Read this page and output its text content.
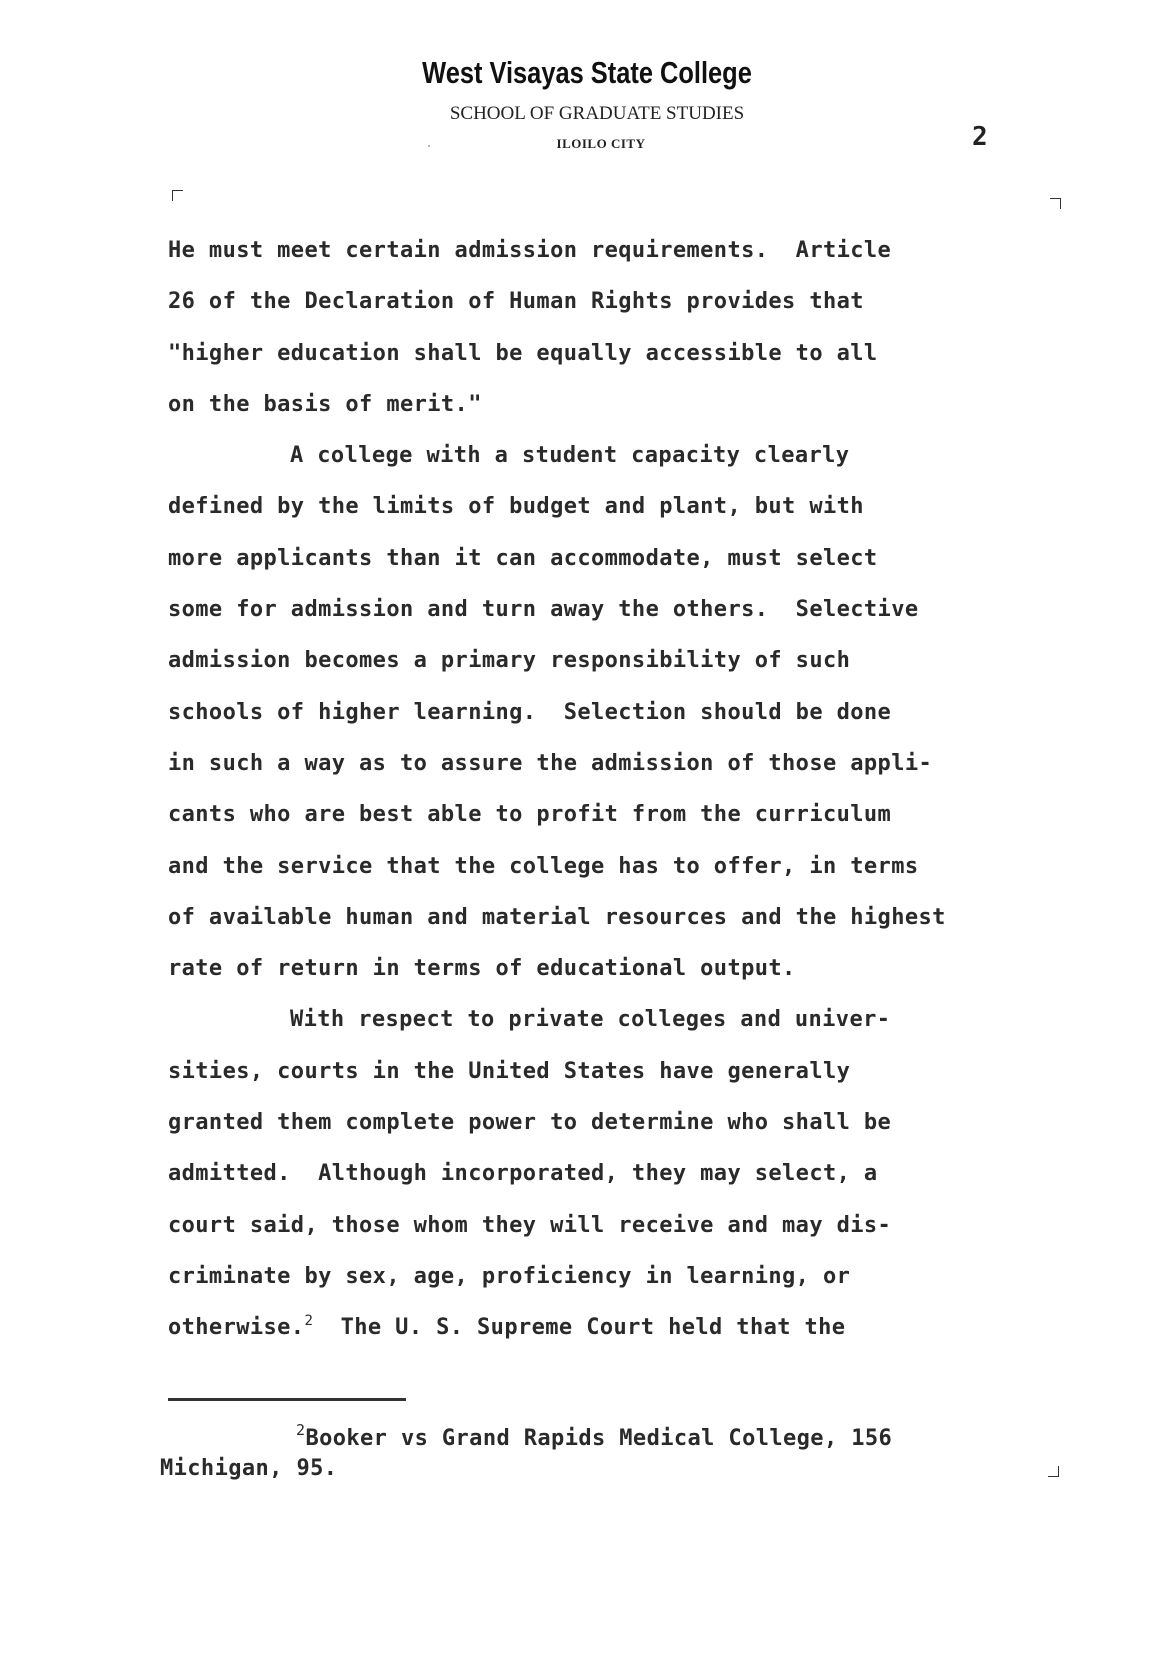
West Visayas State College
SCHOOL OF GRADUATE STUDIES
ILOILO CITY	2
He must meet certain admission requirements.  Article
26 of the Declaration of Human Rights provides that
"higher education shall be equally accessible to all
on the basis of merit."
A college with a student capacity clearly
defined by the limits of budget and plant, but with
more applicants than it can accommodate, must select
some for admission and turn away the others.  Selective
admission becomes a primary responsibility of such
schools of higher learning.  Selection should be done
in such a way as to assure the admission of those appli-
cants who are best able to profit from the curriculum
and the service that the college has to offer, in terms
of available human and material resources and the highest
rate of return in terms of educational output.
With respect to private colleges and univer-
sities, courts in the United States have generally
granted them complete power to determine who shall be
admitted.  Although incorporated, they may select, a
court said, those whom they will receive and may dis-
criminate by sex, age, proficiency in learning, or
otherwise.$^2$  The U. S. Supreme Court held that the
$^2$Booker vs Grand Rapids Medical College, 156
Michigan, 95.
